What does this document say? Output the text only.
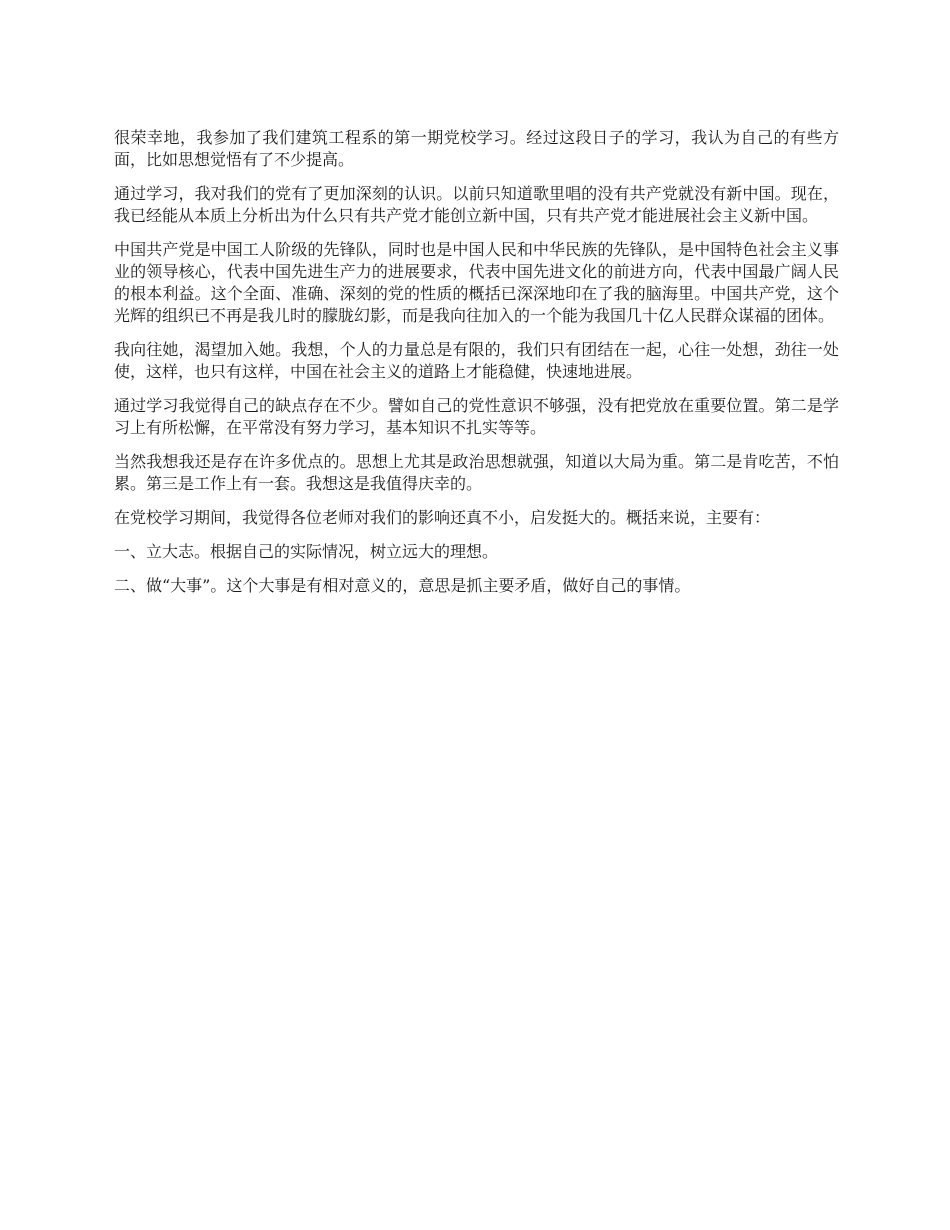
很荣幸地，我参加了我们建筑工程系的第一期党校学习。经过这段日子的学习，我认为自己的有些方面，比如思想觉悟有了不少提高。

通过学习，我对我们的党有了更加深刻的认识。以前只知道歌里唱的没有共产党就没有新中国。现在，我已经能从本质上分析出为什么只有共产党才能创立新中国，只有共产党才能进展社会主义新中国。

中国共产党是中国工人阶级的先锋队，同时也是中国人民和中华民族的先锋队，是中国特色社会主义事业的领导核心，代表中国先进生产力的进展要求，代表中国先进文化的前进方向，代表中国最广阔人民的根本利益。这个全面、准确、深刻的党的性质的概括已深深地印在了我的脑海里。中国共产党，这个光辉的组织已不再是我儿时的朦胧幻影，而是我向往加入的一个能为我国几十亿人民群众谋福的团体。

我向往她，渴望加入她。我想，个人的力量总是有限的，我们只有团结在一起，心往一处想，劲往一处使，这样，也只有这样，中国在社会主义的道路上才能稳健，快速地进展。

通过学习我觉得自己的缺点存在不少。譬如自己的党性意识不够强，没有把党放在重要位置。第二是学习上有所松懈，在平常没有努力学习，基本知识不扎实等等。

当然我想我还是存在许多优点的。思想上尤其是政治思想就强，知道以大局为重。第二是肯吃苦，不怕累。第三是工作上有一套。我想这是我值得庆幸的。

在党校学习期间，我觉得各位老师对我们的影响还真不小，启发挺大的。概括来说，主要有：

一、立大志。根据自己的实际情况，树立远大的理想。

二、做“大事”。这个大事是有相对意义的，意思是抓主要矛盾，做好自己的事情。
